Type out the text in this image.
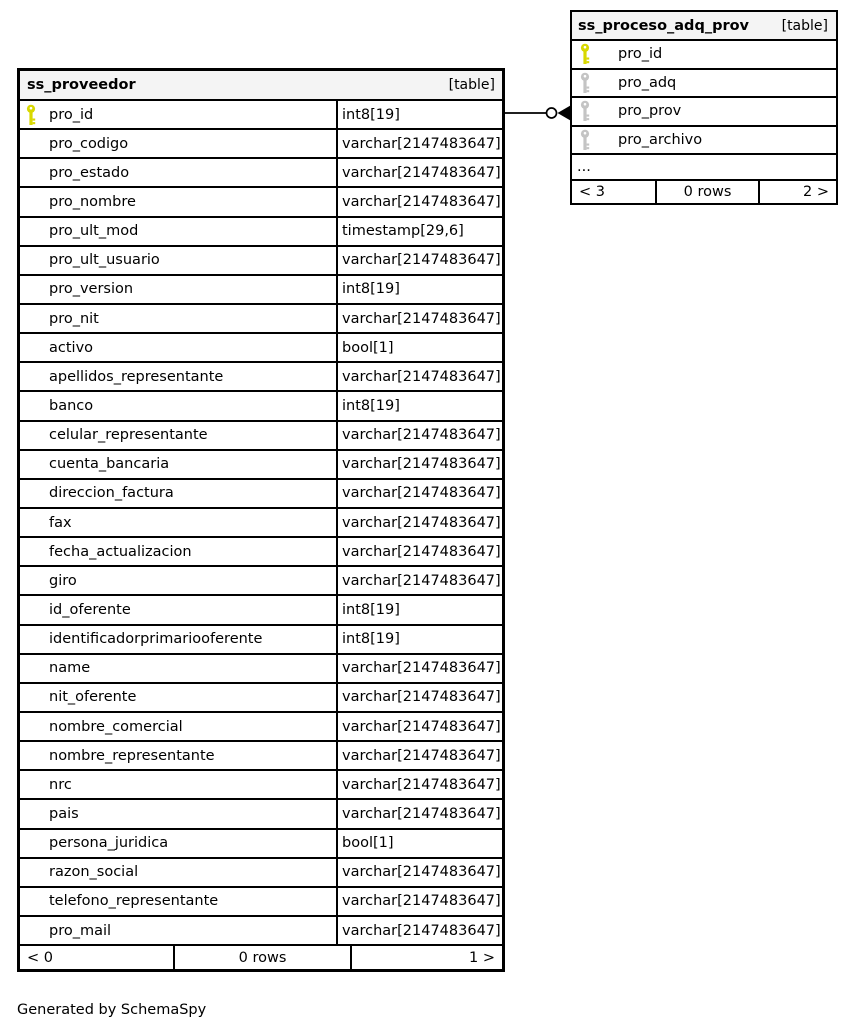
ss_proveedor	[table]
pro_id	int8[19]
pro_codigo	varchar[2147483647]
pro_estado	varchar[2147483647]
pro_nombre	varchar[2147483647]
pro_ult_mod	timestamp[29,6]
pro_ult_usuario	varchar[2147483647]
pro_version	int8[19]
pro_nit	varchar[2147483647]
activo	bool[1]
apellidos_representante	varchar[2147483647]
banco	int8[19]
celular_representante	varchar[2147483647]
cuenta_bancaria	varchar[2147483647]
direccion_factura	varchar[2147483647]
fax	varchar[2147483647]
fecha_actualizacion	varchar[2147483647]
giro	varchar[2147483647]
id_oferente	int8[19]
identificadorprimariooferente	int8[19]
name	varchar[2147483647]
nit_oferente	varchar[2147483647]
nombre_comercial	varchar[2147483647]
nombre_representante	varchar[2147483647]
nrc	varchar[2147483647]
pais	varchar[2147483647]
persona_juridica	bool[1]
razon_social	varchar[2147483647]
telefono_representante	varchar[2147483647]
pro_mail	varchar[2147483647]
< 0	0 rows	1 >
ss_proceso_adq_prov [table]
pro_id
pro_adq
pro_prov
pro_archivo
...
< 3	0 rows	2 >
Generated by SchemaSpy
